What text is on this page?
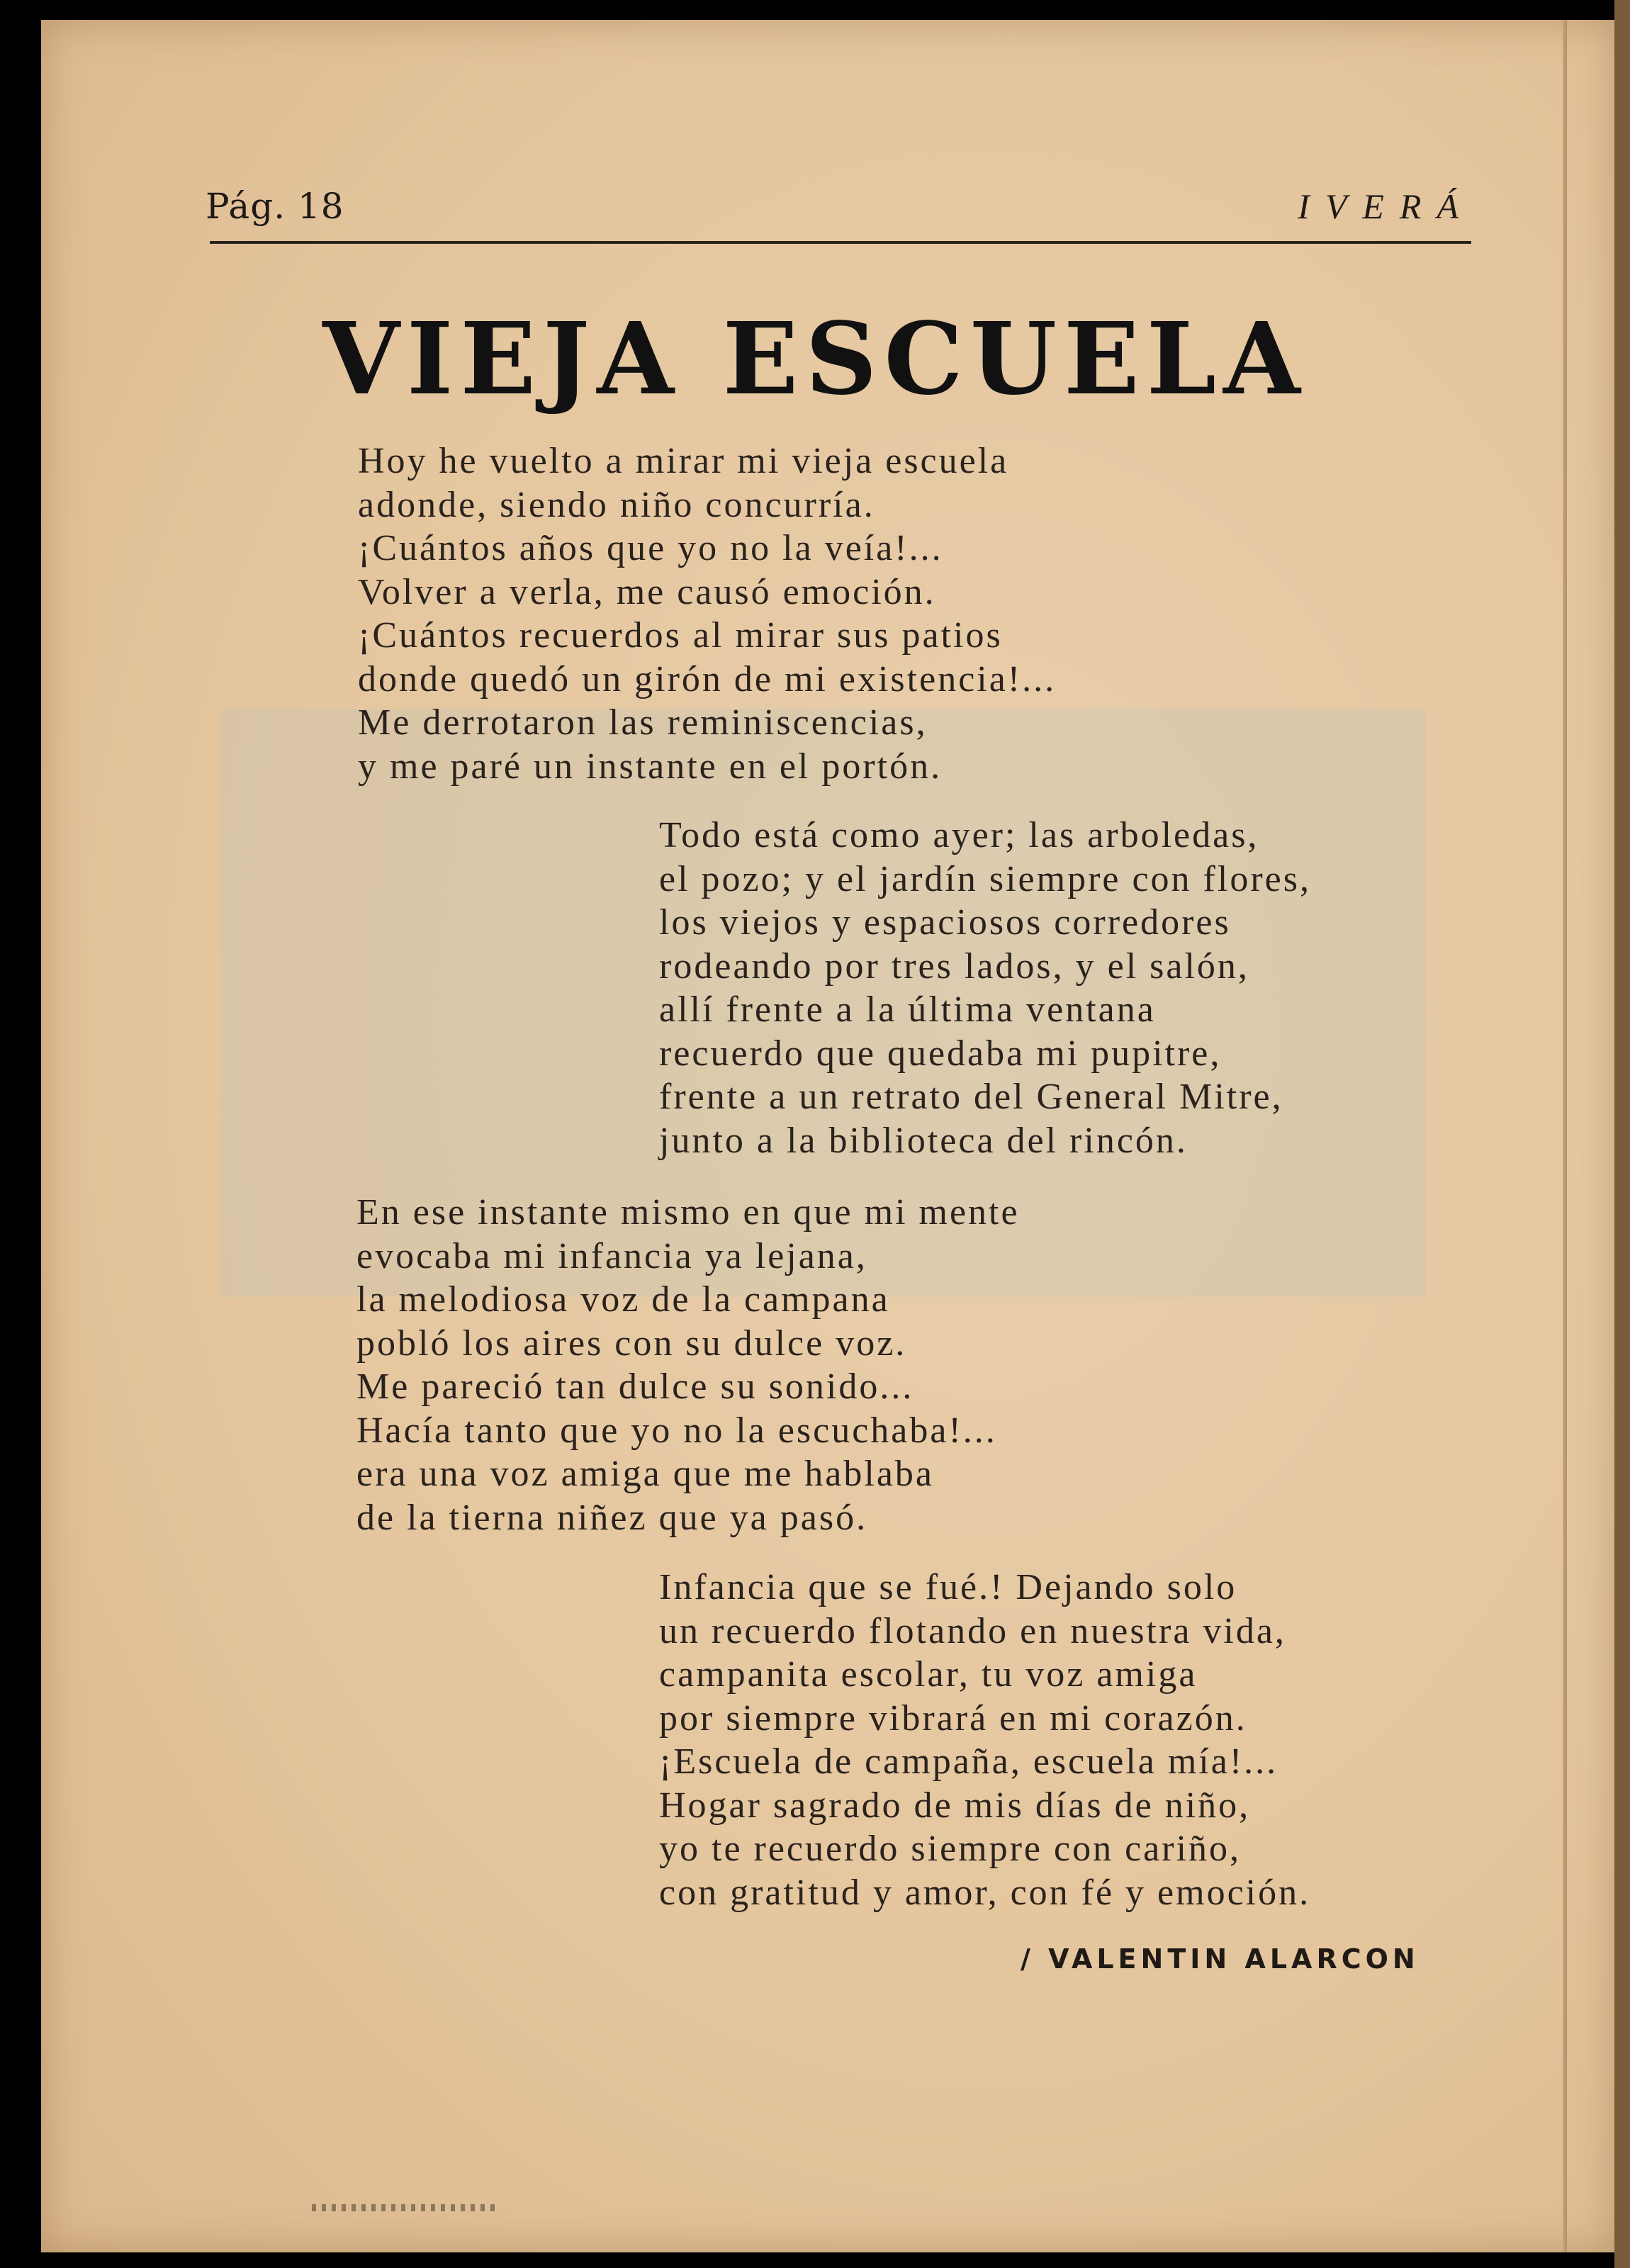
Pág. 18	IVERÁ
VIEJA ESCUELA
Hoy he vuelto a mirar mi vieja escuela
adonde, siendo niño concurría.
¡Cuántos años que yo no la veía!...
Volver a verla, me causó emoción.
¡Cuántos recuerdos al mirar sus patios
donde quedó un girón de mi existencia!...
Me derrotaron las reminiscencias,
y me paré un instante en el portón.
Todo está como ayer; las arboledas,
el pozo; y el jardín siempre con flores,
los viejos y espaciosos corredores
rodeando por tres lados, y el salón,
allí frente a la última ventana
recuerdo que quedaba mi pupitre,
frente a un retrato del General Mitre,
junto a la biblioteca del rincón.
En ese instante mismo en que mi mente
evocaba mi infancia ya lejana,
la melodiosa voz de la campana
pobló los aires con su dulce voz.
Me pareció tan dulce su sonido...
Hacía tanto que yo no la escuchaba!...
era una voz amiga que me hablaba
de la tierna niñez que ya pasó.
Infancia que se fué.! Dejando solo
un recuerdo flotando en nuestra vida,
campanita escolar, tu voz amiga
por siempre vibrará en mi corazón.
¡Escuela de campaña, escuela mía!...
Hogar sagrado de mis días de niño,
yo te recuerdo siempre con cariño,
con gratitud y amor, con fé y emoción.
/ VALENTIN ALARCON
